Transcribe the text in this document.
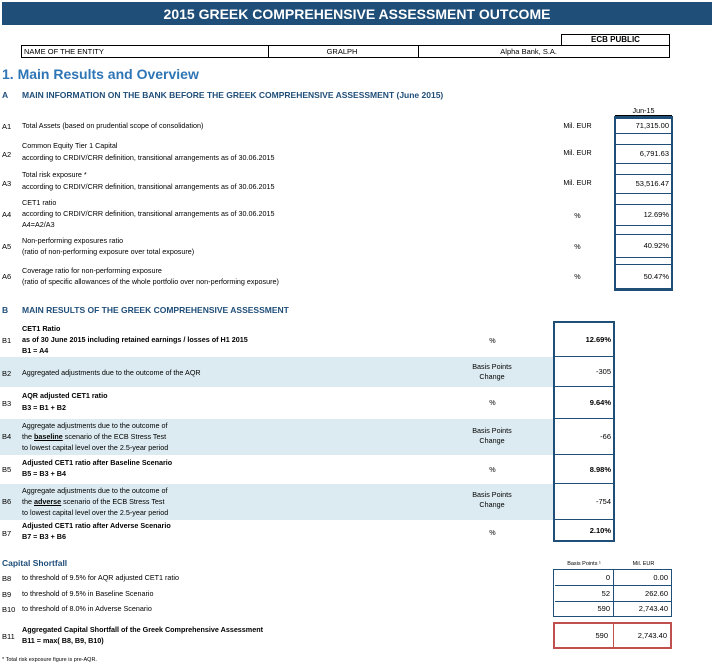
2015 GREEK COMPREHENSIVE ASSESSMENT OUTCOME
ECB PUBLIC
NAME OF THE ENTITY	GRALPH	Alpha Bank, S.A.
1. Main Results and Overview
A MAIN INFORMATION ON THE BANK BEFORE THE GREEK COMPREHENSIVE ASSESSMENT (June 2015)
Jun-15
A1 Total Assets (based on prudential scope of consolidation)	Mil. EUR	71,315.00
A2
Common Equity Tier 1 Capital
according to CRDIV/CRR definition, transitional arrangements as of 30.06.2015
Mil. EUR	6,791.63
A3
Total risk exposure *
according to CRDIV/CRR definition, transitional arrangements as of 30.06.2015	Mil. EUR	53,516.47
A4
CET1 ratio
according to CRDIV/CRR definition, transitional arrangements as of 30.06.2015
A4=A2/A3
%	12.69%
A5
Non-performing exposures ratio
(ratio of non-performing exposure over total exposure)
%	40.92%
A6
Coverage ratio for non-performing exposure
(ratio of specific allowances of the whole portfolio over non-performing exposure)
%	50.47%
B MAIN RESULTS OF THE GREEK COMPREHENSIVE ASSESSMENT
B1
CET1 Ratio
as of 30 June 2015 including retained earnings / losses of H1 2015
B1 = A4
%	12.69%
B2 Aggregated adjustments due to the outcome of the AQR
Basis Points Change
-305
B3
AQR adjusted CET1 ratio
B3 = B1 + B2
%	9.64%
B4
Aggregate adjustments due to the outcome of
the baseline scenario of the ECB Stress Test
to lowest capital level over the 2.5-year period
Basis Points Change	-66
B5
Adjusted CET1 ratio after Baseline Scenario
B5 = B3 + B4	%	8.98%
B6
Aggregate adjustments due to the outcome of
the adverse scenario of the ECB Stress Test
to lowest capital level over the 2.5-year period
Basis Points Change	-754
B7
Adjusted CET1 ratio after Adverse Scenario
B7 = B3 + B6	%	2.10%
Capital Shortfall	Basis Points ¹	Mil. EUR
B8 to threshold of 9.5% for AQR adjusted CET1 ratio	0	0.00
B9 to threshold of 9.5% in Baseline Scenario	52	262.60
B10 to threshold of 8.0% in Adverse Scenario	590	2,743.40
B11
Aggregated Capital Shortfall of the Greek Comprehensive Assessment
B11 = max( B8, B9, B10)
590	2,743.40
* Total risk exposure figure is pre-AQR.
